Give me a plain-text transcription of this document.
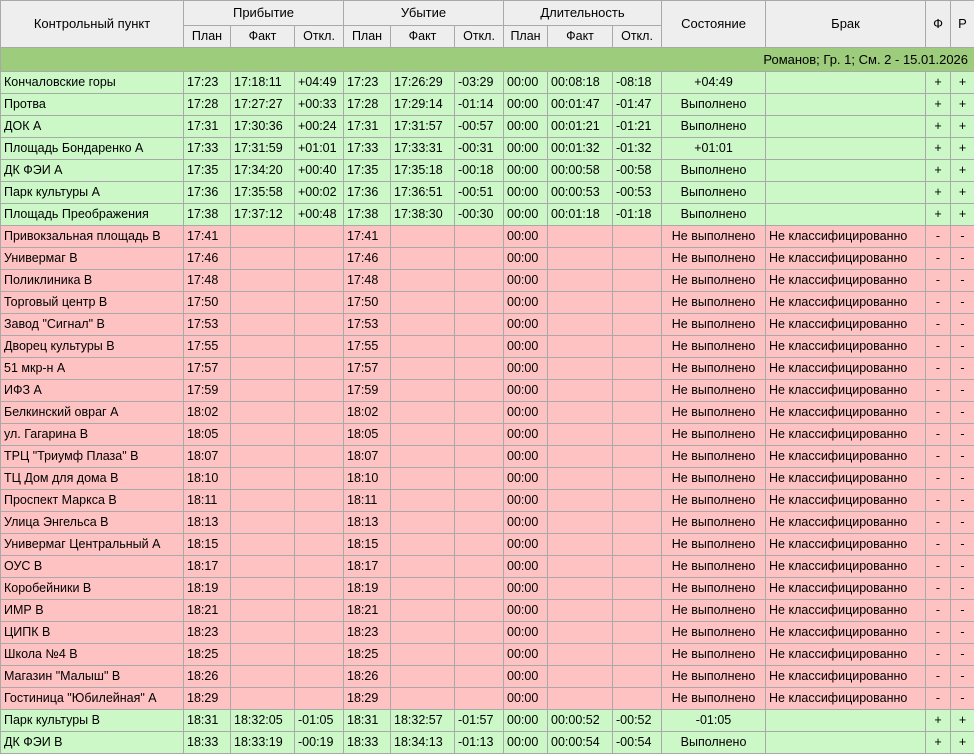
Контрольный пункт	Прибытие			Убытие			Длительность			Состояние	Брак	Ф	Р
	План	Факт	Откл.	План	Факт	Откл.	План	Факт	Откл.				
Романов; Гр. 1; См. 2 - 15.01.2026													
Кончаловские горы	17:23	17:18:11	+04:49	17:23	17:26:29	-03:29	00:00	00:08:18	-08:18	+04:49		+	+
Протва	17:28	17:27:27	+00:33	17:28	17:29:14	-01:14	00:00	00:01:47	-01:47	Выполнено		+	+
ДОК А	17:31	17:30:36	+00:24	17:31	17:31:57	-00:57	00:00	00:01:21	-01:21	Выполнено		+	+
Площадь Бондаренко А	17:33	17:31:59	+01:01	17:33	17:33:31	-00:31	00:00	00:01:32	-01:32	+01:01		+	+
ДК ФЭИ А	17:35	17:34:20	+00:40	17:35	17:35:18	-00:18	00:00	00:00:58	-00:58	Выполнено		+	+
Парк культуры А	17:36	17:35:58	+00:02	17:36	17:36:51	-00:51	00:00	00:00:53	-00:53	Выполнено		+	+
Площадь Преображения	17:38	17:37:12	+00:48	17:38	17:38:30	-00:30	00:00	00:01:18	-01:18	Выполнено		+	+
Привокзальная площадь В	17:41			17:41			00:00			Не выполнено	Не классифицированно	-	-
Универмаг В	17:46			17:46			00:00			Не выполнено	Не классифицированно	-	-
Поликлиника В	17:48			17:48			00:00			Не выполнено	Не классифицированно	-	-
Торговый центр В	17:50			17:50			00:00			Не выполнено	Не классифицированно	-	-
Завод "Сигнал" В	17:53			17:53			00:00			Не выполнено	Не классифицированно	-	-
Дворец культуры В	17:55			17:55			00:00			Не выполнено	Не классифицированно	-	-
51 мкр-н А	17:57			17:57			00:00			Не выполнено	Не классифицированно	-	-
ИФЗ А	17:59			17:59			00:00			Не выполнено	Не классифицированно	-	-
Белкинский овраг А	18:02			18:02			00:00			Не выполнено	Не классифицированно	-	-
ул. Гагарина В	18:05			18:05			00:00			Не выполнено	Не классифицированно	-	-
ТРЦ "Триумф Плаза" В	18:07			18:07			00:00			Не выполнено	Не классифицированно	-	-
ТЦ Дом для дома В	18:10			18:10			00:00			Не выполнено	Не классифицированно	-	-
Проспект Маркса В	18:11			18:11			00:00			Не выполнено	Не классифицированно	-	-
Улица Энгельса В	18:13			18:13			00:00			Не выполнено	Не классифицированно	-	-
Универмаг Центральный А	18:15			18:15			00:00			Не выполнено	Не классифицированно	-	-
ОУС В	18:17			18:17			00:00			Не выполнено	Не классифицированно	-	-
Коробейники В	18:19			18:19			00:00			Не выполнено	Не классифицированно	-	-
ИМР В	18:21			18:21			00:00			Не выполнено	Не классифицированно	-	-
ЦИПК В	18:23			18:23			00:00			Не выполнено	Не классифицированно	-	-
Школа №4 В	18:25			18:25			00:00			Не выполнено	Не классифицированно	-	-
Магазин "Малыш" В	18:26			18:26			00:00			Не выполнено	Не классифицированно	-	-
Гостиница "Юбилейная" А	18:29			18:29			00:00			Не выполнено	Не классифицированно	-	-
Парк культуры В	18:31	18:32:05	-01:05	18:31	18:32:57	-01:57	00:00	00:00:52	-00:52	-01:05		+	+
ДК ФЭИ В	18:33	18:33:19	-00:19	18:33	18:34:13	-01:13	00:00	00:00:54	-00:54	Выполнено		+	+
